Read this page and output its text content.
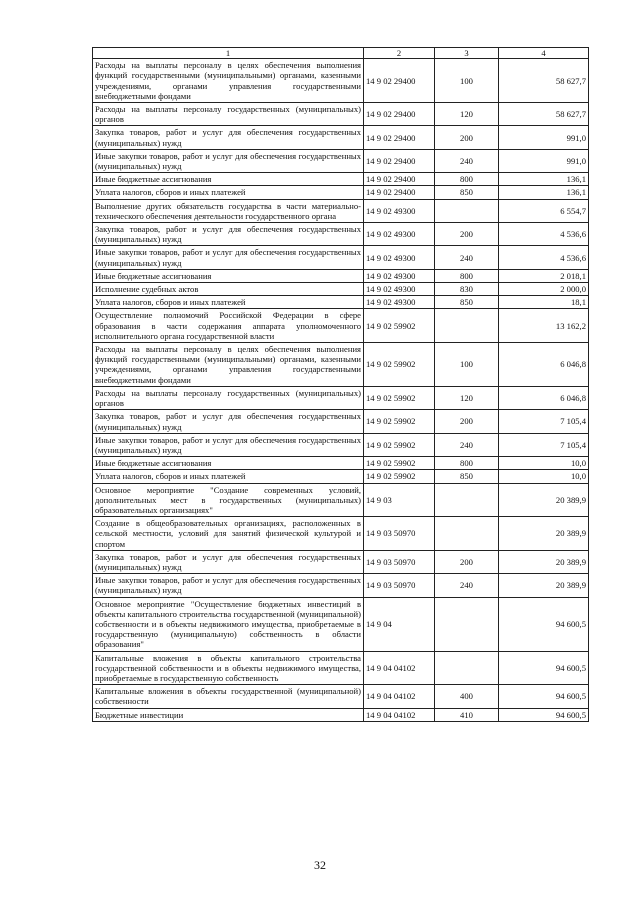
1	2	3	4
Расходы на выплаты персоналу в целях обеспечения выполнения функций государственными (муниципальными) органами, казенными учреждениями, органами управления государственными внебюджетными фондами	14 9 02 29400	100	58 627,7
Расходы на выплаты персоналу государственных (муниципальных) органов	14 9 02 29400	120	58 627,7
Закупка товаров, работ и услуг для обеспечения государственных (муниципальных) нужд	14 9 02 29400	200	991,0
Иные закупки товаров, работ и услуг для обеспечения государственных (муниципальных) нужд	14 9 02 29400	240	991,0
Иные бюджетные ассигнования	14 9 02 29400	800	136,1
Уплата налогов, сборов и иных платежей	14 9 02 29400	850	136,1
Выполнение других обязательств государства в части материально-технического обеспечения деятельности государственного органа	14 9 02 49300		6 554,7
Закупка товаров, работ и услуг для обеспечения государственных (муниципальных) нужд	14 9 02 49300	200	4 536,6
Иные закупки товаров, работ и услуг для обеспечения государственных (муниципальных) нужд	14 9 02 49300	240	4 536,6
Иные бюджетные ассигнования	14 9 02 49300	800	2 018,1
Исполнение судебных актов	14 9 02 49300	830	2 000,0
Уплата налогов, сборов и иных платежей	14 9 02 49300	850	18,1
Осуществление полномочий Российской Федерации в сфере образования в части содержания аппарата уполномоченного исполнительного органа государственной власти	14 9 02 59902		13 162,2
Расходы на выплаты персоналу в целях обеспечения выполнения функций государственными (муниципальными) органами, казенными учреждениями, органами управления государственными внебюджетными фондами	14 9 02 59902	100	6 046,8
Расходы на выплаты персоналу государственных (муниципальных) органов	14 9 02 59902	120	6 046,8
Закупка товаров, работ и услуг для обеспечения государственных (муниципальных) нужд	14 9 02 59902	200	7 105,4
Иные закупки товаров, работ и услуг для обеспечения государственных (муниципальных) нужд	14 9 02 59902	240	7 105,4
Иные бюджетные ассигнования	14 9 02 59902	800	10,0
Уплата налогов, сборов и иных платежей	14 9 02 59902	850	10,0
Основное мероприятие "Создание современных условий, дополнительных мест в государственных (муниципальных) образовательных организациях"	14 9 03		20 389,9
Создание в общеобразовательных организациях, расположенных в сельской местности, условий для занятий физической культурой и спортом	14 9 03 50970		20 389,9
Закупка товаров, работ и услуг для обеспечения государственных (муниципальных) нужд	14 9 03 50970	200	20 389,9
Иные закупки товаров, работ и услуг для обеспечения государственных (муниципальных) нужд	14 9 03 50970	240	20 389,9
Основное мероприятие "Осуществление бюджетных инвестиций в объекты капитального строительства государственной (муниципальной) собственности и в объекты недвижимого имущества, приобретаемые в государственную (муниципальную) собственность в области образования"	14 9 04		94 600,5
Капитальные вложения в объекты капитального строительства государственной собственности и в объекты недвижимого имущества, приобретаемые в государственную собственность	14 9 04 04102		94 600,5
Капитальные вложения в объекты государственной (муниципальной) собственности	14 9 04 04102	400	94 600,5
Бюджетные инвестиции	14 9 04 04102	410	94 600,5
32
